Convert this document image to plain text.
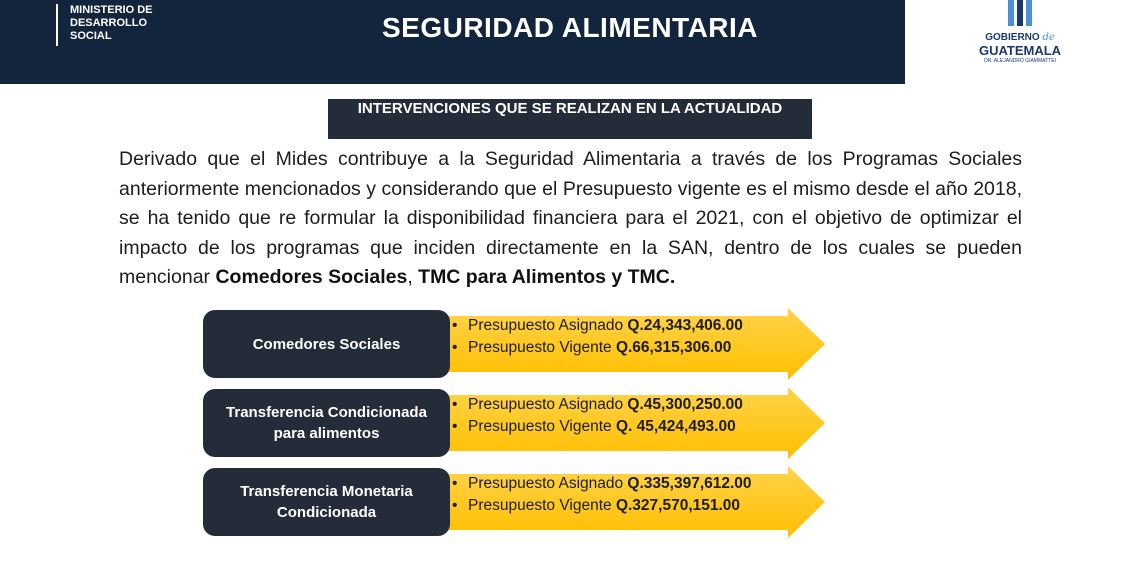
MINISTERIO DE
DESARROLLO
SOCIAL	SEGURIDAD ALIMENTARIA	GOBIERNO de
GUATEMALA
DR. ALEJANDRO GIAMMATTEI
INTERVENCIONES QUE SE REALIZAN EN LA ACTUALIDAD

Derivado que el Mides contribuye a la Seguridad Alimentaria a través de los Programas Sociales anteriormente mencionados y considerando que el Presupuesto vigente es el mismo desde el año 2018, se ha tenido que re formular la disponibilidad financiera para el 2021, con el objetivo de optimizar el impacto de los programas que inciden directamente en la SAN, dentro de los cuales se pueden mencionar Comedores Sociales, TMC para Alimentos y TMC.

Comedores Sociales
• Presupuesto Asignado Q.24,343,406.00
• Presupuesto Vigente Q.66,315,306.00
Transferencia Condicionada para alimentos
• Presupuesto Asignado Q.45,300,250.00
• Presupuesto Vigente Q. 45,424,493.00
Transferencia Monetaria Condicionada
• Presupuesto Asignado Q.335,397,612.00
• Presupuesto Vigente Q.327,570,151.00
